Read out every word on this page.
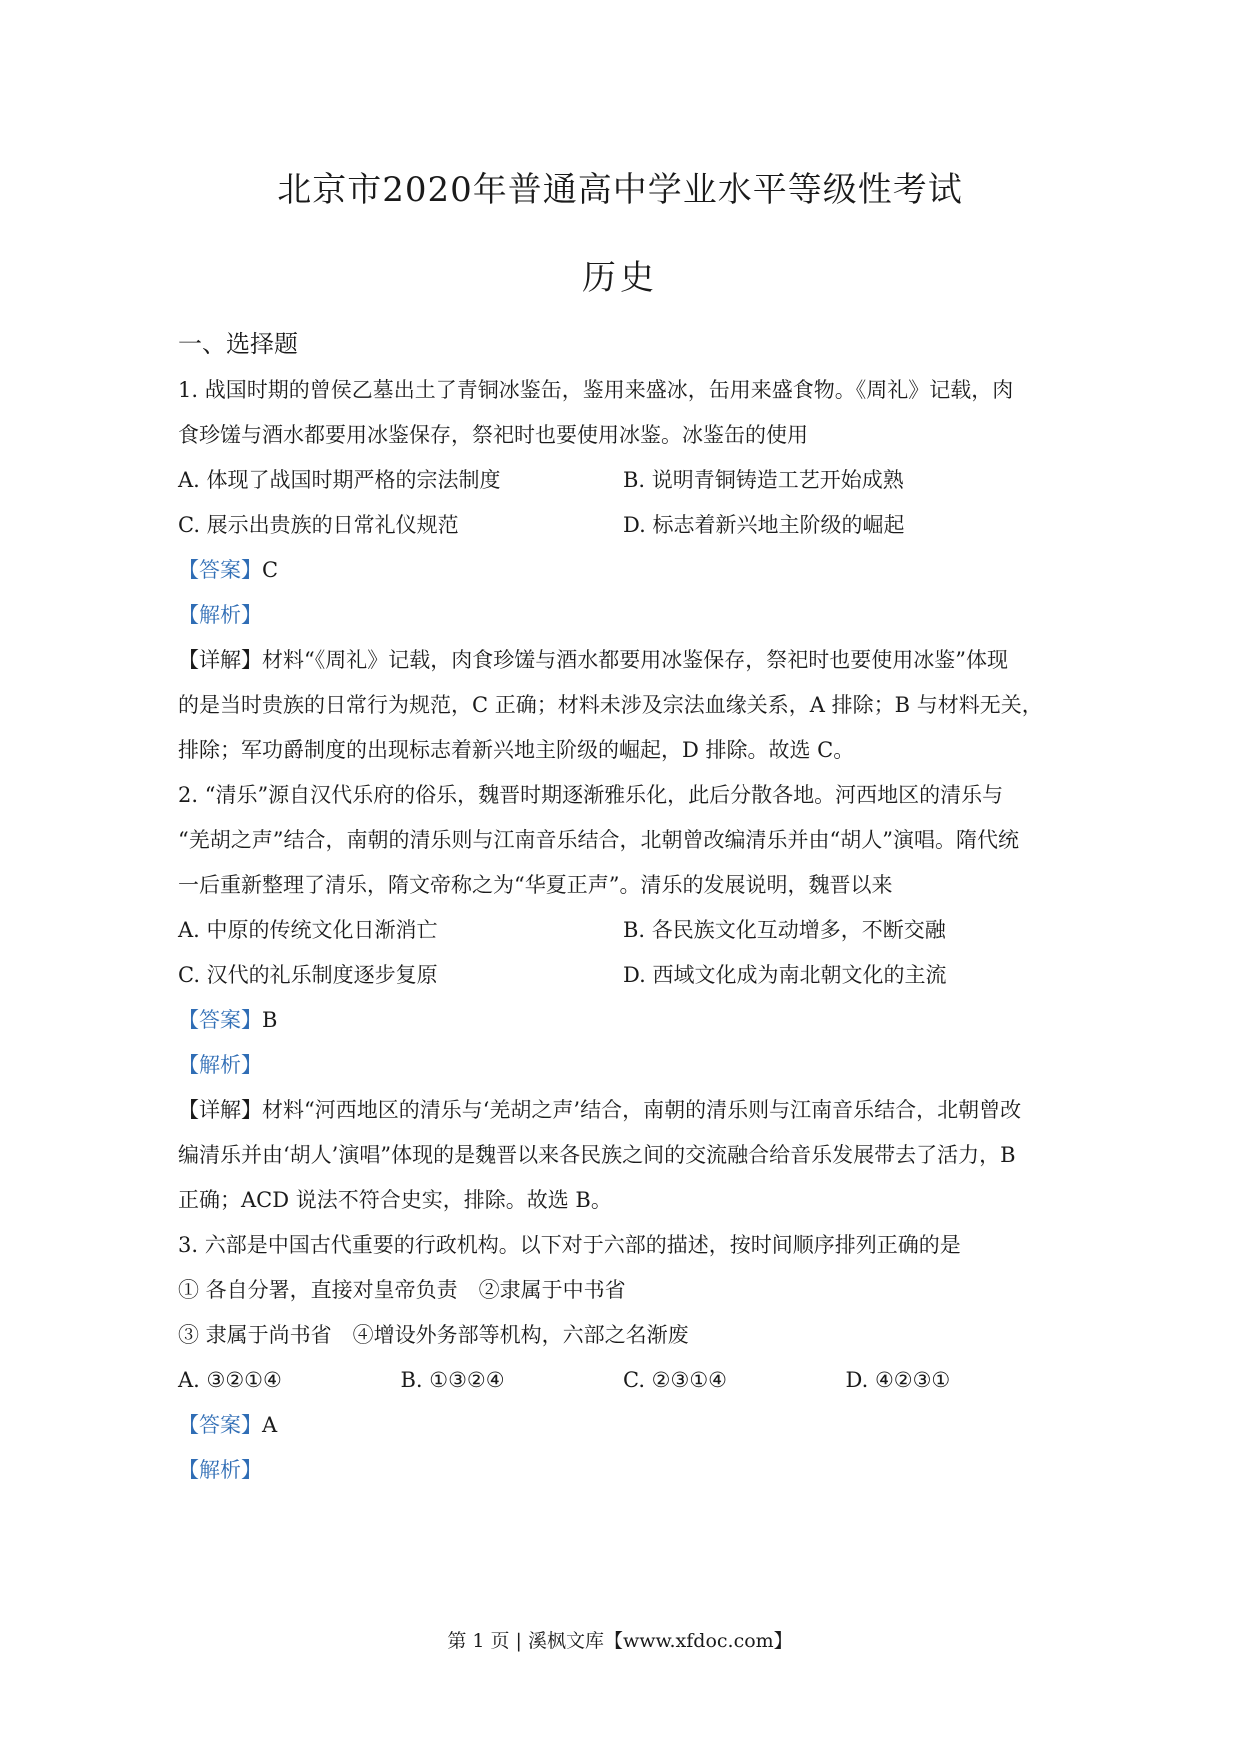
北京市2020年普通高中学业水平等级性考试
历史
一、选择题
1. 战国时期的曾侯乙墓出土了青铜冰鉴缶，鉴用来盛冰，缶用来盛食物。《周礼》记载，肉
食珍馐与酒水都要用冰鉴保存，祭祀时也要使用冰鉴。冰鉴缶的使用
A. 体现了战国时期严格的宗法制度	B. 说明青铜铸造工艺开始成熟
C. 展示出贵族的日常礼仪规范	D. 标志着新兴地主阶级的崛起
【答案】C
【解析】
【详解】材料“《周礼》记载，肉食珍馐与酒水都要用冰鉴保存，祭祀时也要使用冰鉴”体现
的是当时贵族的日常行为规范，C 正确；材料未涉及宗法血缘关系，A 排除；B 与材料无关，
排除；军功爵制度的出现标志着新兴地主阶级的崛起，D 排除。故选 C。
2. “清乐”源自汉代乐府的俗乐，魏晋时期逐渐雅乐化，此后分散各地。河西地区的清乐与
“羌胡之声”结合，南朝的清乐则与江南音乐结合，北朝曾改编清乐并由“胡人”演唱。隋代统
一后重新整理了清乐，隋文帝称之为“华夏正声”。清乐的发展说明，魏晋以来
A. 中原的传统文化日渐消亡	B. 各民族文化互动增多，不断交融
C. 汉代的礼乐制度逐步复原	D. 西域文化成为南北朝文化的主流
【答案】B
【解析】
【详解】材料“河西地区的清乐与‘羌胡之声’结合，南朝的清乐则与江南音乐结合，北朝曾改
编清乐并由‘胡人’演唱”体现的是魏晋以来各民族之间的交流融合给音乐发展带去了活力，B
正确；ACD 说法不符合史实，排除。故选 B。
3. 六部是中国古代重要的行政机构。以下对于六部的描述，按时间顺序排列正确的是
① 各自分署，直接对皇帝负责　②隶属于中书省
③ 隶属于尚书省　④增设外务部等机构，六部之名渐废
A. ③②①④	B. ①③②④	C. ②③①④	D. ④②③①
【答案】A
【解析】
第 1 页 | 溪枫文库【www.xfdoc.com】
